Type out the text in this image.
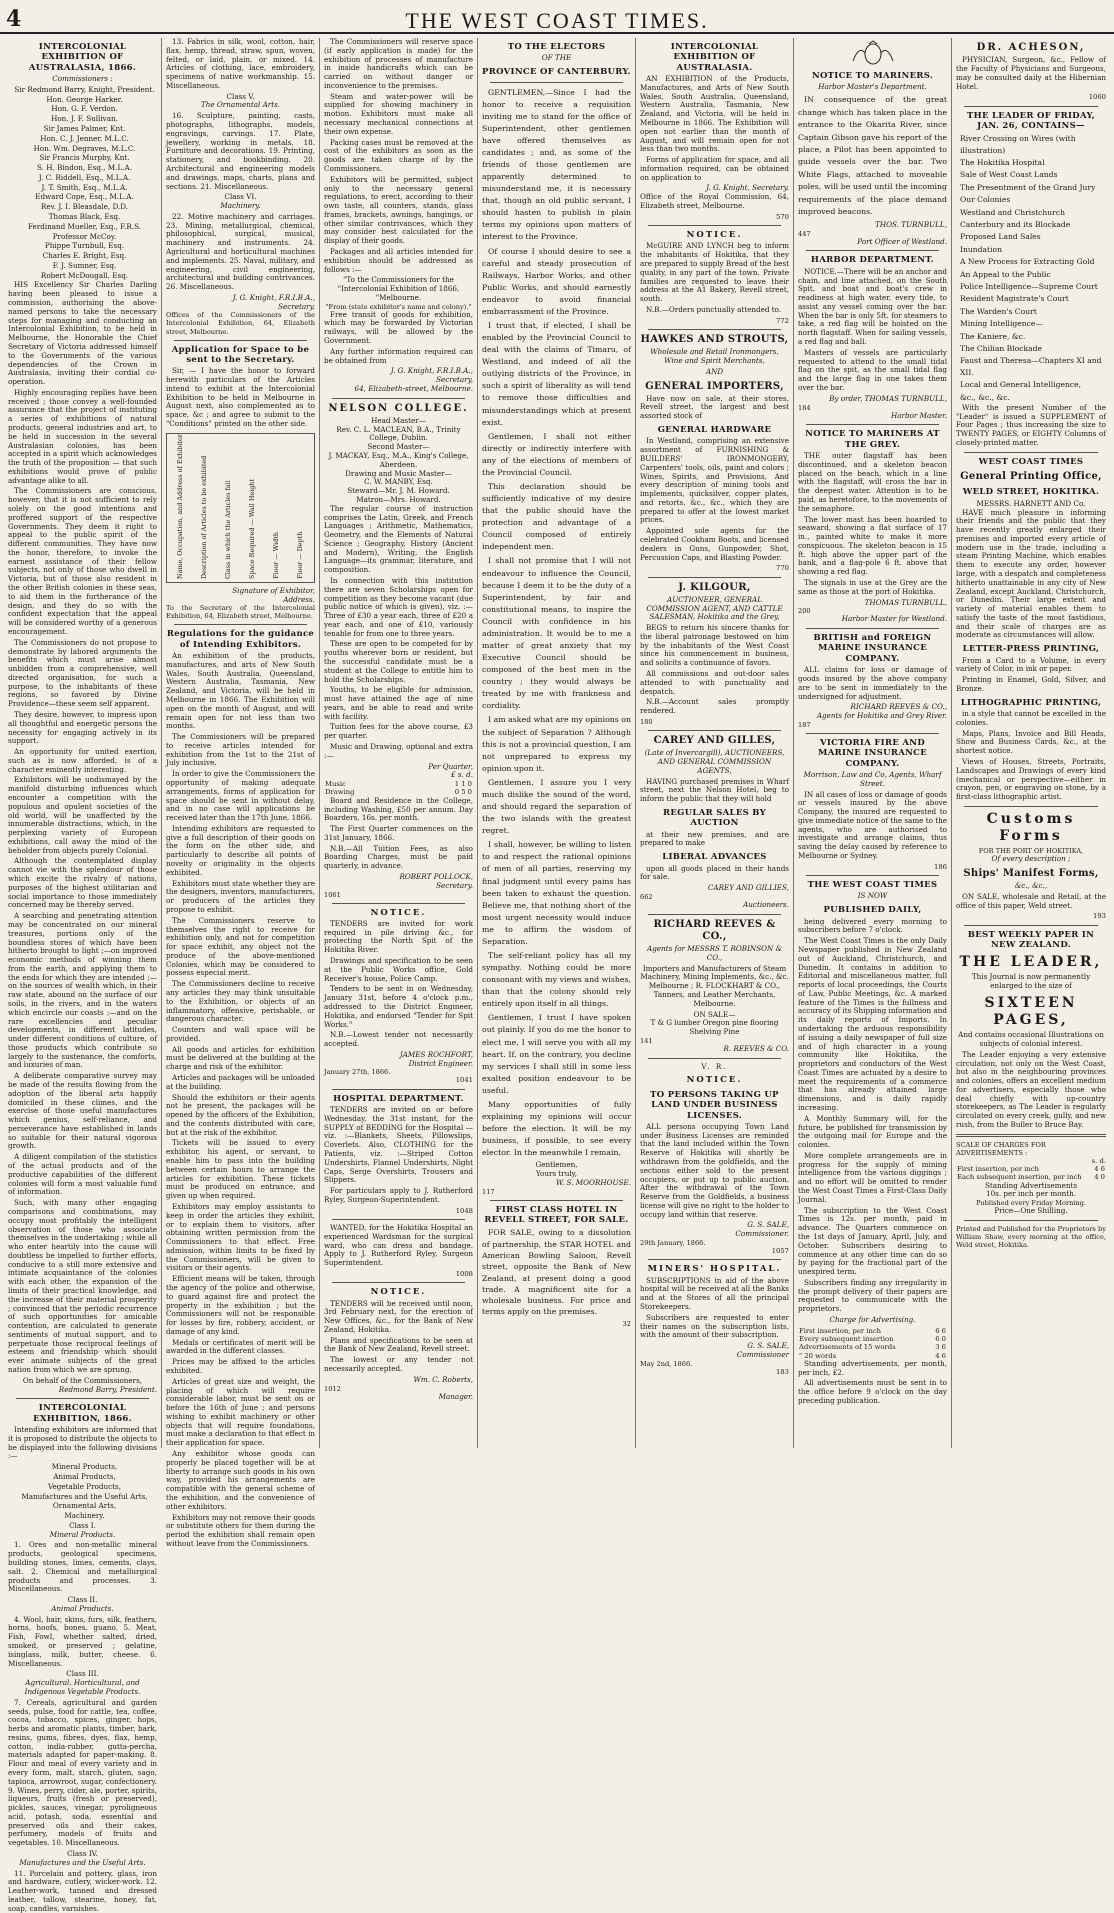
4	THE WEST COAST TIMES.
INTERCOLONIAL EXHIBITION OF AUSTRALASIA, 1866.
Commissioners :
Sir Redmond Barry, Knight, President.
Hon. George Harker.
Hon. G. F. Verdon.
Hon. J. F. Sullivan.
Sir James Palmer, Knt.
Hon. C. J. Jenner, M.L.C.
Hon. Wm. Degraves, M.L.C.
Sir Francis Murphy, Knt.
S. H. Bindon, Esq., M.L.A.
J. C. Riddell, Esq., M.L.A.
J. T. Smith, Esq., M.L.A.
Edward Cope, Esq., M.L.A.
Rev. J. I. Bleasdale, D.D.
Thomas Black, Esq.
Ferdinand Mueller, Esq., F.R.S.
Professor McCoy.
Phippe Turnbull, Esq.
Charles E. Bright, Esq.
F. J. Sumner, Esq.
Robert McDougall, Esq.

HIS Excellency Sir Charles Darling having been pleased to issue a commission, authorising the above-named persons to take the necessary steps for managing and conducting an Intercolonial Exhibition, to be held in Melbourne, the Honorable the Chief Secretary of Victoria addressed himself to the Governments of the various dependencies of the Crown in Australasia, inviting their cordial co-operation.

Highly encouraging replies have been received ; those convey a well-founded assurance that the project of instituting a series of exhibitions of natural products, general industries and art, to be held in succession in the several Australasian colonies, has been accepted in a spirit which acknowledges the truth of the proposition — that such exhibitions would prove of public advantage alike to all.

The Commissioners are conscious, however, that it is not sufficient to rely solely on the good intentions and proffered support of the respective Governments. They deem it right to appeal to the public spirit of the different communities. They have now the honor, therefore, to invoke the earnest assistance of their fellow subjects, not only of those who dwell in Victoria, but of those also resident in the other British colonies in these seas, to aid them in the furtherance of the design, and they do so with the confident expectation that the appeal will be considered worthy of a generous encouragement.

The Commissioners do not propose to demonstrate by labored arguments the benefits which must arise almost unbidden from a comprehensive, well directed organisation, for such a purpose, to the inhabitants of these regions, so favored by Divine Providence—these seem self apparent.

They desire, however, to impress upon all thoughtful and energetic persons the necessity for engaging actively in its support.

An opportunity for united exertion, such as is now afforded, is of a character eminently interesting.

Exhibitors will be undismayed by the manifold disturbing influences which encounter a competition with the populous and opulent societies of the old world, will be unaffected by the innumerable distractions, which, in the perplexing variety of European exhibitions, call away the mind of the beholder from objects purely Colonial.

Although the contemplated display cannot vie with the splendour of those which excite the rivalry of nations, purposes of the highest utilitarian and social importance to those immediately concerned may be thereby served.

A searching and penetrating attention may be concentrated on our mineral treasures, portions only of the boundless stores of which have been hitherto brought to light ;—on improved economic methods of winning them from the earth, and applying them to the ends for which they are intended ;—on the sources of wealth which, in their raw state, abound on the surface of our soils, in the rivers, and in the waters which encircle our coasts ;—and on the rare excellencies and peculiar developments, in different latitudes, under different conditions of culture, of those products which contribute so largely to the sustenance, the comforts, and luxuries of man.

A deliberate comparative survey may be made of the results flowing from the adoption of the liberal arts happily domiciled in these climes, and the exercise of those useful manufactures which genius, self-reliance, and perseverance have established in lands so suitable for their natural vigorous growth.

A diligent compilation of the statistics of the actual products and of the productive capabilities of the different colonies will form a most valuable fund of information.

Such, with many other engaging comparisons and combinations, may occupy most profitably the intelligent observation of those who associate themselves in the undertaking ; while all who enter heartily into the cause will doubtless be impelled to further efforts, conducive to a still more extensive and intimate acquaintance of the colonies with each other, the expansion of the limits of their practical knowledge, and the increase of their material prosperity ; convinced that the periodic recurrence of such opportunities for amicable contention, are calculated to generate sentiments of mutual support, and to perpetuate those reciprocal feelings of esteem and friendship which should ever animate subjects of the great nation from which we are sprung.

On behalf of the Commissioners,
Redmond Barry, President.
INTERCOLONIAL EXHIBITION, 1866.

Intending exhibitors are informed that it is proposed to distribute the objects to be displayed into the following divisions :—

Mineral Products,
Animal Products,
Vegetable Products,
Manufactures and the Useful Arts,
Ornamental Arts,
Machinery.
Class I.
Mineral Products.

1. Ores and non-metallic mineral products, geological specimens, building stones, limes, cements, clays, salt. 2. Chemical and metallurgical products and processes. 3. Miscellaneous.

Class II.
Animal Products.

4. Wool, hair, skins, furs, silk, feathers, horns, hoofs, bones, guano. 5. Meat, Fish, Fowl, whether salted, dried, smoked, or preserved ; gelatine, isinglass, milk, butter, cheese. 6. Miscellaneous.

Class III.
Agricultural, Horticultural, and Indigenous Vegetable Products.

7. Cereals, agricultural and garden seeds, pulse, food for cattle, tea, coffee, cocoa, tobacco, spices, ginger, hops, herbs and aromatic plants, timber, bark, resins, gums, fibres, dyes, flax, hemp, cotton, india-rubber, gutta-percha, materials adapted for paper-making. 8. Flour and meal of every variety and in every form, malt, starch, gluten, sago, tapioca, arrowroot, sugar, confectionery. 9. Wines, perry, cider, ale, porter, spirits, liqueurs, fruits (fresh or preserved), pickles, sauces, vinegar, pyroligneous acid, potash, soda, essential and preserved oils and their cakes, perfumery, models of fruits and vegetables. 10. Miscellaneous.

Class IV.
Manufactures and the Useful Arts.

11. Porcelain and pottery, glass, iron and hardware, cutlery, wicker-work. 12. Leather-work, tanned and dressed leather, tallow, stearine, honey, fat, soap, candles, varnishes.

13. Fabrics in silk, wool, cotton, hair, flax, hemp, thread, straw, spun, woven, felted, or laid, plain, or mixed. 14. Articles of clothing, lace, embroidery, specimens of native workmanship. 15. Miscellaneous.

Class V.
The Ornamental Arts.

16. Sculpture, painting, casts, photographs, lithographs, models, engravings, carvings. 17. Plate, jewellery, working in metals. 18. Furniture and decorations. 19. Printing, stationery, and bookbinding. 20. Architectural and engineering models and drawings, maps, charts, plans and sections. 21. Miscellaneous.

Class VI.
Machinery.

22. Motive machinery and carriages. 23. Mining, metallurgical, chemical, philosophical, surgical, musical, machinery and instruments. 24. Agricultural and horticultural machines and implements. 25. Naval, military, and engineering, civil engineering, architectural and building contrivances. 26. Miscellaneous.

J. G. Knight, F.R.I.B.A.,
Secretary.

Offices of the Commissioners of the Intercolonial Exhibition, 64, Elizabeth street, Melbourne.

Application for Space to be sent to the Secretary.

Sir, — I have the honor to forward herewith particulars of the Articles intend to exhibit at the Intercolonial Exhibition to be held in Melbourne in August next, also complemented as to space, &c ; and agree to submit to the "Conditions" printed on the other side.

Name, Occupation, and Address of Exhibitor	Description of Articles to be exhibited	Class in which the Articles fall	Space Required — Wall Height	Floor — Width	Floor — Depth
Signature of Exhibitor,
Address.

To the Secretary of the Intercolonial Exhibition, 64, Elizabeth street, Melbourne.

Regulations for the guidance of Intending Exhibitors.

An exhibition of the products, manufactures, and arts of New South Wales, South Australia, Queensland, Western Australia, Tasmania, New Zealand, and Victoria, will be held in Melbourne in 1866. The Exhibition will open on the month of August, and will remain open for not less than two months.

The Commissioners will be prepared to receive articles intended for exhibition from the 1st to the 21st of July inclusive.

In order to give the Commissioners the opportunity of making adequate arrangements, forms of application for space should be sent in without delay, and in no case will applications be received later than the 17th June, 1866.

Intending exhibitors are requested to give a full description of their goods on the form on the other side, and particularly to describe all points of novelty or originality in the objects exhibited.

Exhibitors must state whether they are the designers, inventors, manufacturers, or producers of the articles they propose to exhibit.

The Commissioners reserve to themselves the right to receive for exhibition only, and not for competition for space exhibit, any object not the produce of the above-mentioned Colonies, which may be considered to possess especial merit.

The Commissioners decline to receive any articles they may think unsuitable to the Exhibition, or objects of an inflammatory, offensive, perishable, or dangerous character.

Counters and wall space will be provided.

All goods and articles for exhibition must be delivered at the building at the charge and risk of the exhibitor.

Articles and packages will be unloaded at the building.

Should the exhibitors or their agents not be present, the packages will be opened by the officers of the Exhibition, and the contents distributed with care, but at the risk of the exhibitor.

Tickets will be issued to every exhibitor, his agent, or servant, to enable him to pass into the building between certain hours to arrange the articles for exhibition. These tickets must be produced on entrance, and given up when required.

Exhibitors may employ assistants to keep in order the articles they exhibit, or to explain them to visitors, after obtaining written permission from the Commissioners to that effect. Free admission, within limits to be fixed by the Commissioners, will be given to visitors or their agents.

Efficient means will be taken, through the agency of the police and otherwise, to guard against fire and protect the property in the exhibition ; but the Commissioners will not be responsible for losses by fire, robbery, accident, or damage of any kind.

Medals or certificates of merit will be awarded in the different classes.

Prices may be affixed to the articles exhibited.

Articles of great size and weight, the placing of which will require considerable labor, must be sent on or before the 16th of June ; and persons wishing to exhibit machinery or other objects that will require foundations, must make a declaration to that effect in their application for space.

Any exhibitor whose goods can properly be placed together will be at liberty to arrange such goods in his own way, provided his arrangements are compatible with the general scheme of the exhibition, and the convenience of other exhibitors.

Exhibitors may not remove their goods or substitute others for them during the period the exhibition shall remain open without leave from the Commissioners.

The Commissioners will reserve space (if early application is made) for the exhibition of processes of manufacture in inside handicrafts which can be carried on without danger or inconvenience to the premises.

Steam and water-power will be supplied for showing machinery in motion. Exhibitors must make all necessary mechanical connections at their own expense.

Packing cases must be removed at the cost of the exhibitors as soon as the goods are taken charge of by the Commissioners.

Exhibitors will be permitted, subject only to the necessary general regulations, to erect, according to their own taste, all counters, stands, glass frames, brackets, awnings, hangings, or other similar contrivances, which they may consider best calculated for the display of their goods.

Packages and all articles intended for exhibition should be addressed as follows :—

"To the Commissioners for the "Intercolonial Exhibition of 1866, "Melbourne.
"From (state exhibitor's name and colony)."

Free transit of goods for exhibition, which may be forwarded by Victorian railways, will be allowed by the Government.

Any further information required can be obtained from

J. G. Knight, F.R.I.B.A.,
Secretary,
64, Elizabeth-street, Melbourne.
NELSON COLLEGE.
Head Master—
Rev. C. L. MACLEAN, B.A., Trinity College, Dublin.
Second Master—
J. MACKAY, Esq., M.A., King's College, Aberdeen.
Drawing and Music Master—
C. W. MANBY, Esq.
Steward—Mr. J. M. Howard.
Matron—Mrs. Howard.

The regular course of instruction comprises the Latin, Greek, and French Languages ; Arithmetic, Mathematics, Geometry, and the Elements of Natural Science ; Geography, History (Ancient and Modern), Writing, the English Language—its grammar, literature, and composition.

In connection with this institution there are seven Scholarships open for competition as they become vacant (due public notice of which is given), viz. :—Three of £30 a year each, three of £20 a year each, and one of £10, variously tenable for from one to three years.

These are open to be competed for by youths wherever born or resident, but the successful candidate must be a student at the College to entitle him to hold the Scholarships.

Youths, to be eligible for admission, must have attained the age of nine years, and be able to read and write with facility.

Tuition fees for the above course, £3 per quarter.

Music and Drawing, optional and extra :—

Per Quarter,
£ s. d.
Music	1 1 0
Drawing	0 5 0

Board and Residence in the College, including Washing, £50 per annum. Day Boarders, 16s. per month.

The First Quarter commences on the 31st January, 1866.

N.B.—All Tuition Fees, as also Boarding Charges, must be paid quarterly, in advance.

ROBERT POLLOCK,
Secretary.
1061
NOTICE.

TENDERS are invited for work required in pile driving &c., for protecting the North Spit of the Hokitika River.

Drawings and specification to be seen at the Public Works office, Gold Receiver's house, Police Camp.

Tenders to be sent in on Wednesday, January 31st, before 4 o'clock p.m., addressed to the District Engineer, Hokitika, and endorsed "Tender for Spit Works."

N.B.—Lowest tender not necessarily accepted.

JAMES ROCHFORT,
District Engineer.
January 27th, 1866.
1041
HOSPITAL DEPARTMENT.

TENDERS are invited on or before Wednesday, the 31st instant, for the SUPPLY of BEDDING for the Hospital — viz. :—Blankets, Sheets, Pillowslips, Coverlets. Also, CLOTHING for the Patients, viz. :—Striped Cotton Undershirts, Flannel Undershirts, Night Caps, Serge Overshirts, Trousers and Slippers.

For particulars apply to J. Rutherford Ryley, Surgeon-Superintendent.

1048

WANTED, for the Hokitika Hospital an experienced Wardsman for the surgical ward, who can dress and bandage. Apply to J. Rutherford Ryley, Surgeon Superintendent.

1008
NOTICE.

TENDERS will be received until noon, 3rd February next, for the erection of New Offices, &c., for the Bank of New Zealand, Hokitika.

Plans and specifications to be seen at the Bank of New Zealand, Revell street.

The lowest or any tender not necessarily accepted.

Wm. C. Roberts,
1012
Manager.
TO THE ELECTORS
OF THE
PROVINCE OF CANTERBURY.

GENTLEMEN,—Since I had the honor to receive a requisition inviting me to stand for the office of Superintendent, other gentlemen have offered themselves as candidates ; and, as some of the friends of those gentlemen are apparently determined to misunderstand me, it is necessary that, though an old public servant, I should hasten to publish in plain terms my opinions upon matters of interest to the Province.

Of course I should desire to see a careful and steady prosecution of Railways, Harbor Works, and other Public Works, and should earnestly endeavor to avoid financial embarrassment of the Province.

I trust that, if elected, I shall be enabled by the Provincial Council to deal with the claims of Timaru, of Westland, and indeed of all the outlying districts of the Province, in such a spirit of liberality as will tend to remove those difficulties and misunderstandings which at present exist.

Gentlemen, I shall not either directly or indirectly interfere with any of the elections of members of the Provincial Council.

This declaration should be sufficiently indicative of my desire that the public should have the protection and advantage of a Council composed of entirely independent men.

I shall not promise that I will not endeavour to influence the Council, because I deem it to be the duty of a Superintendent, by fair and constitutional means, to inspire the Council with confidence in his administration. It would be to me a matter of great anxiety that my Executive Council should be composed of the best men in the country ; they would always be treated by me with frankness and cordiality.

I am asked what are my opinions on the subject of Separation ? Although this is not a provincial question, I am not unprepared to express my opinion upon it.

Gentlemen, I assure you I very much dislike the sound of the word, and should regard the separation of the two islands with the greatest regret.

I shall, however, be willing to listen to and respect the rational opinions of men of all parties, reserving my final judgment until every pains has been taken to exhaust the question. Believe me, that nothing short of the most urgent necessity would induce me to affirm the wisdom of Separation.

The self-reliant policy has all my sympathy. Nothing could be more consonant with my views and wishes, than that the colony should rely entirely upon itself in all things.

Gentlemen, I trust I have spoken out plainly. If you do me the honor to elect me, I will serve you with all my heart. If, on the contrary, you decline my services I shall still in some less exalted position endeavour to be useful.

Many opportunities of fully explaining my opinions will occur before the election. It will be my business, if possible, to see every elector. In the meanwhile I remain,

Gentlemen,
Yours truly,
W. S. MOORHOUSE.
117
FIRST CLASS HOTEL IN REVELL STREET, FOR SALE.

FOR SALE, owing to a dissolution of partnership, the STAR HOTEL and American Bowling Saloon, Revell street, opposite the Bank of New Zealand, at present doing a good trade. A magnificent site for a wholesale business. For price and terms apply on the premises.

32
INTERCOLONIAL EXHIBITION OF AUSTRALASIA.

AN EXHIBITION of the Products, Manufactures, and Arts of New South Wales, South Australia, Queensland, Western Australia, Tasmania, New Zealand, and Victoria, will be held in Melbourne in 1866. The Exhibition will open not earlier than the month of August, and will remain open for not less than two months.

Forms of application for space, and all information required, can be obtained on application to

J. G. Knight, Secretary.

Office of the Royal Commission, 64, Elizabeth street, Melbourne.

570
NOTICE.

McGUIRE AND LYNCH beg to inform the inhabitants of Hokitika, that they are prepared to supply Bread of the best quality, in any part of the town. Private families are requested to leave their address at the A1 Bakery, Revell street, south.

N.B.—Orders punctually attended to.

772
HAWKES AND STROUTS,
Wholesale and Retail Ironmongers, Wine and Spirit Merchants,
AND
GENERAL IMPORTERS,

Have now on sale, at their stores, Revell street, the largest and best assorted stock of

GENERAL HARDWARE

In Westland, comprising an extensive assortment of FURNISHING & BUILDERS' IRONMONGERY, Carpenters' tools, oils, paint and colors ; Wines, Spirits, and Provisions, And every description of mining tools and implements, quicksilver, copper plates, and retorts, &c., &c., which they are prepared to offer at the lowest market prices.

Appointed sole agents for the celebrated Cookham Boots, and licensed dealers in Guns, Gunpowder, Shot, Percussion Caps, and Blasting Powder.

770
J. KILGOUR,
AUCTIONEER, GENERAL COMMISSION AGENT, AND CATTLE SALESMAN, Hokitika and the Grey,

BEGS to return his sincere thanks for the liberal patronage bestowed on him by the inhabitants of the West Coast since his commencement in business, and solicits a continuance of favors.

All commissions and out-door sales attended to with punctuality and despatch.

N.B.—Account sales promptly rendered.

180
CAREY AND GILLES,
(Late of Invercargill), AUCTIONEERS, AND GENERAL COMMISSION AGENTS,

HAVING purchased premises in Wharf street, next the Nelson Hotel, beg to inform the public that they will hold

REGULAR SALES BY AUCTION

at their new premises, and are prepared to make

LIBERAL ADVANCES

upon all goods placed in their hands for sale.

CAREY AND GILLIES,
662
Auctioneers.
RICHARD REEVES & CO.,
Agents for MESSRS T. ROBINSON & CO.,

Importers and Manufacturers of Steam Machinery, Mining Implements, &c., &c. Melbourne ; R. FLOCKHART & CO., Tanners, and Leather Merchants, Melbourne.

ON SALE—
T & G lumber Oregon pine flooring Shelving Pine
141
R. REEVES & CO.
V. R.
NOTICE.
TO PERSONS TAKING UP LAND UNDER BUSINESS LICENSES.

ALL persons occupying Town Land under Business Licenses are reminded that the land included within the Town Reserve of Hokitika will shortly be withdrawn from the goldfields, and the sections either sold to the present occupiers, or put up to public auction. After the withdrawal of the Town Reserve from the Goldfields, a business license will give no right to the holder to occupy land within that reserve.

G. S. SALE,
Commissioner.
29th January, 1866.
1057
MINERS' HOSPITAL.

SUBSCRIPTIONS in aid of the above hospital will be received at all the Banks and at the Stores of all the principal Storekeepers.

Subscribers are requested to enter their names on the subscription lists, with the amount of their subscription.

G. S. SALE,
Commissioner
May 2nd, 1866.
183
NOTICE TO MARINERS.
Harbor Master's Department.

IN consequence of the great change which has taken place in the entrance to the Okarita River, since Captain Gibson gave his report of the place, a Pilot has been appointed to guide vessels over the bar. Two White Flags, attached to moveable poles, will be used until the incoming requirements of the place demand improved beacons.

THOS. TURNBULL,
447
Port Officer of Westland.
HARBOR DEPARTMENT.

NOTICE.—There will be an anchor and chain, and line attached, on the South Spit, and boat and boat's crew in readiness at high water, every tide, to assist any vessel coming over the bar. When the bar is only 5ft. for steamers to take, a red flag will be hoisted on the north flagstaff. When for sailing vessels, a red flag and ball.

Masters of vessels are particularly requested to attend to the small tidal flag on the spit, as the small tidal flag and the large flag in one takes them over the bar.

By order, THOMAS TURNBULL,
184
Harbor Master.
NOTICE TO MARINERS AT THE GREY.

THE outer flagstaff has been discontinued, and a skeleton beacon placed on the beach, which in a line with the flagstaff, will cross the bar in the deepest water. Attention is to be paid, as heretofore, to the movements of the semaphore.

The lower mast has been boarded to seaward, showing a flat surface of 17 in., painted white to make it more conspicuous. The skeleton beacon is 15 ft. high above the upper part of the bank, and a flag-pole 6 ft. above that showing a red flag.

The signals in use at the Grey are the same as those at the port of Hokitika.

THOMAS TURNBULL,
200
Harbor Master for Westland.
BRITISH and FOREIGN MARINE INSURANCE COMPANY.

ALL claims for loss or damage of goods insured by the above company are to be sent in immediately to the undersigned for adjustment.

RICHARD REEVES & CO.,
Agents for Hokitika and Grey River.
187
VICTORIA FIRE AND MARINE INSURANCE COMPANY.
Morrison, Law and Co, Agents, Wharf Street.

IN all cases of loss or damage of goods or vessels insured by the above Company, the insured are requested to give immediate notice of the same to the agents, who are authorised to investigate and arrange claims, thus saving the delay caused by reference to Melbourne or Sydney.

186
THE WEST COAST TIMES
IS NOW
PUBLISHED DAILY,

being delivered every morning to subscribers before 7 o'clock.

The West Coast Times is the only Daily Newspaper published in New Zealand out of Auckland, Christchurch, and Dunedin. It contains in addition to Editorial and miscellaneous matter, full reports of local proceedings, the Courts of Law, Public Meetings, &c. A marked feature of the Times is the fullness and accuracy of its Shipping information and its daily reports of Imports. In undertaking the arduous responsibility of issuing a daily newspaper of full size and of high character in a young community like Hokitika, the proprietors and conductors of the West Coast Times are actuated by a desire to meet the requirements of a commerce that has already attained large dimensions, and is daily rapidly increasing.

A Monthly Summary will, for the future, be published for transmission by the outgoing mail for Europe and the colonies.

More complete arrangements are in progress for the supply of mining intelligence from the various diggings ; and no effort will be omitted to render the West Coast Times a First-Class Daily Journal.

The subscription to the West Coast Times is 12s. per month, paid in advance. The Quarters commence on the 1st days of January, April, July, and October. Subscribers desiring to commence at any other time can do so by paying for the fractional part of the unexpired term.

Subscribers finding any irregularity in the prompt delivery of their papers are requested to communicate with the proprietors.

Charge for Advertising.
First insertion, per inch	6 6
Every subsequent insertion	6 0
Advertisements of 15 words	3 6
" 20 words	4 6

Standing advertisements, per month, per inch, £2.

All advertisements must be sent in to the office before 9 o'clock on the day preceding publication.

DR. ACHESON,

PHYSICIAN, Surgeon, &c., Fellow of the Faculty of Physicians and Surgeons, may be consulted daily at the Hibernian Hotel.

1060
THE LEADER OF FRIDAY, JAN. 26, CONTAINS—
River Crossing on Wires (with illustration)
The Hokitika Hospital
Sale of West Coast Lands
The Presentment of the Grand Jury
Our Colonies
Westland and Christchurch
Canterbury and its Blockade
Proposed Land Sales
Inundation
A New Process for Extracting Gold
An Appeal to the Public
Police Intelligence—Supreme Court
Resident Magistrate's Court
The Warden's Court
Mining Intelligence—
The Kaniere, &c.
The Chilian Blockade
Faust and Theresa—Chapters XI and XII.
Local and General Intelligence,
&c., &c., &c.

With the present Number of the "Leader" is issued a SUPPLEMENT of Four Pages ; thus increasing the size to TWENTY PAGES, or EIGHTY Columns of closely-printed matter.

WEST COAST TIMES
General Printing Office,
WELD STREET, HOKITIKA.
MESSRS. HARNETT AND Co.

HAVE much pleasure in informing their friends and the public that they have recently greatly enlarged their premises and imported every article of modern use in the trade, including a steam Printing Machine, which enables them to execute any order, however large, with a despatch and completeness hitherto unattainable in any city of New Zealand, except Auckland, Christchurch, or Dunedin. Their large extent and variety of material enables them to satisfy the taste of the most fastidious, and their scale of charges are as moderate as circumstances will allow.

LETTER-PRESS PRINTING,

From a Card to a Volume, in every variety of Color, in ink or paper.

Printing in Enamel, Gold, Silver, and Bronze.

LITHOGRAPHIC PRINTING,

in a style that cannot be excelled in the colonies.

Maps, Plans, Invoice and Bill Heads, Show and Business Cards, &c., at the shortest notice.

Views of Houses, Streets, Portraits, Landscapes and Drawings of every kind (mechanical or perspective—either in crayon, pen, or engraving on stone, by a first-class lithographic artist.

Customs Forms
FOR THE PORT OF HOKITIKA,
Of every description ;
Ships' Manifest Forms,
&c., &c.,

ON SALE, wholesale and Retail, at the office of this paper, Weld street.

193
BEST WEEKLY PAPER IN NEW ZEALAND.
THE LEADER,

This Journal is now permanently enlarged to the size of

SIXTEEN PAGES,

And contains occasional Illustrations on subjects of colonial interest.

The Leader enjoying a very extensive circulation, not only on the West Coast, but also in the neighbouring provinces and colonies, offers an excellent medium for advertisers, especially those who deal chiefly with up-country storekeepers, as The Leader is regularly circulated on every creek, gully, and new rush, from the Buller to Bruce Bay.

SCALE OF CHARGES FOR ADVERTISEMENTS :
s. d.
First insertion, per inch	4 6
Each subsequent insertion, per inch	4 0
Standing Advertisements
10s. per inch per month.
Published every Friday Morning.
Price—One Shilling.

Printed and Published for the Proprietors by William Shaw, every morning at the office, Weld street, Hokitika.
